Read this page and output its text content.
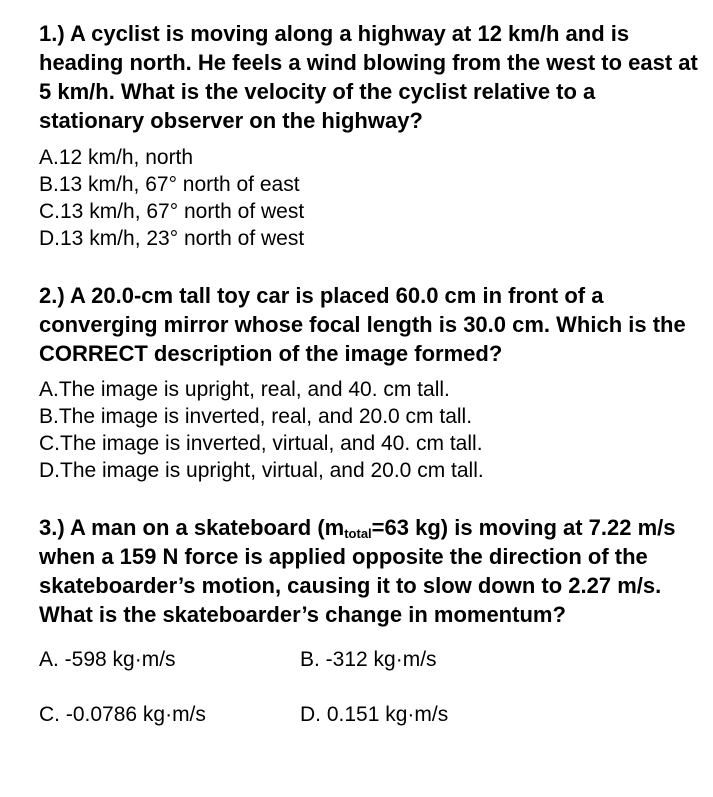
1.) A cyclist is moving along a highway at 12 km/h and is heading north. He feels a wind blowing from the west to east at 5 km/h. What is the velocity of the cyclist relative to a stationary observer on the highway?

A.12 km/h, north
B.13 km/h, 67° north of east
C.13 km/h, 67° north of west
D.13 km/h, 23° north of west

2.) A 20.0-cm tall toy car is placed 60.0 cm in front of a converging mirror whose focal length is 30.0 cm. Which is the CORRECT description of the image formed?

A.The image is upright, real, and 40. cm tall.
B.The image is inverted, real, and 20.0 cm tall.
C.The image is inverted, virtual, and 40. cm tall.
D.The image is upright, virtual, and 20.0 cm tall.

3.) A man on a skateboard ($m_{total}=63$ kg) is moving at 7.22 m/s when a 159 N force is applied opposite the direction of the skateboarder’s motion, causing it to slow down to 2.27 m/s. What is the skateboarder’s change in momentum?

A. -598 kg·m/s	B. -312 kg·m/s
C. -0.0786 kg·m/s	D. 0.151 kg·m/s
